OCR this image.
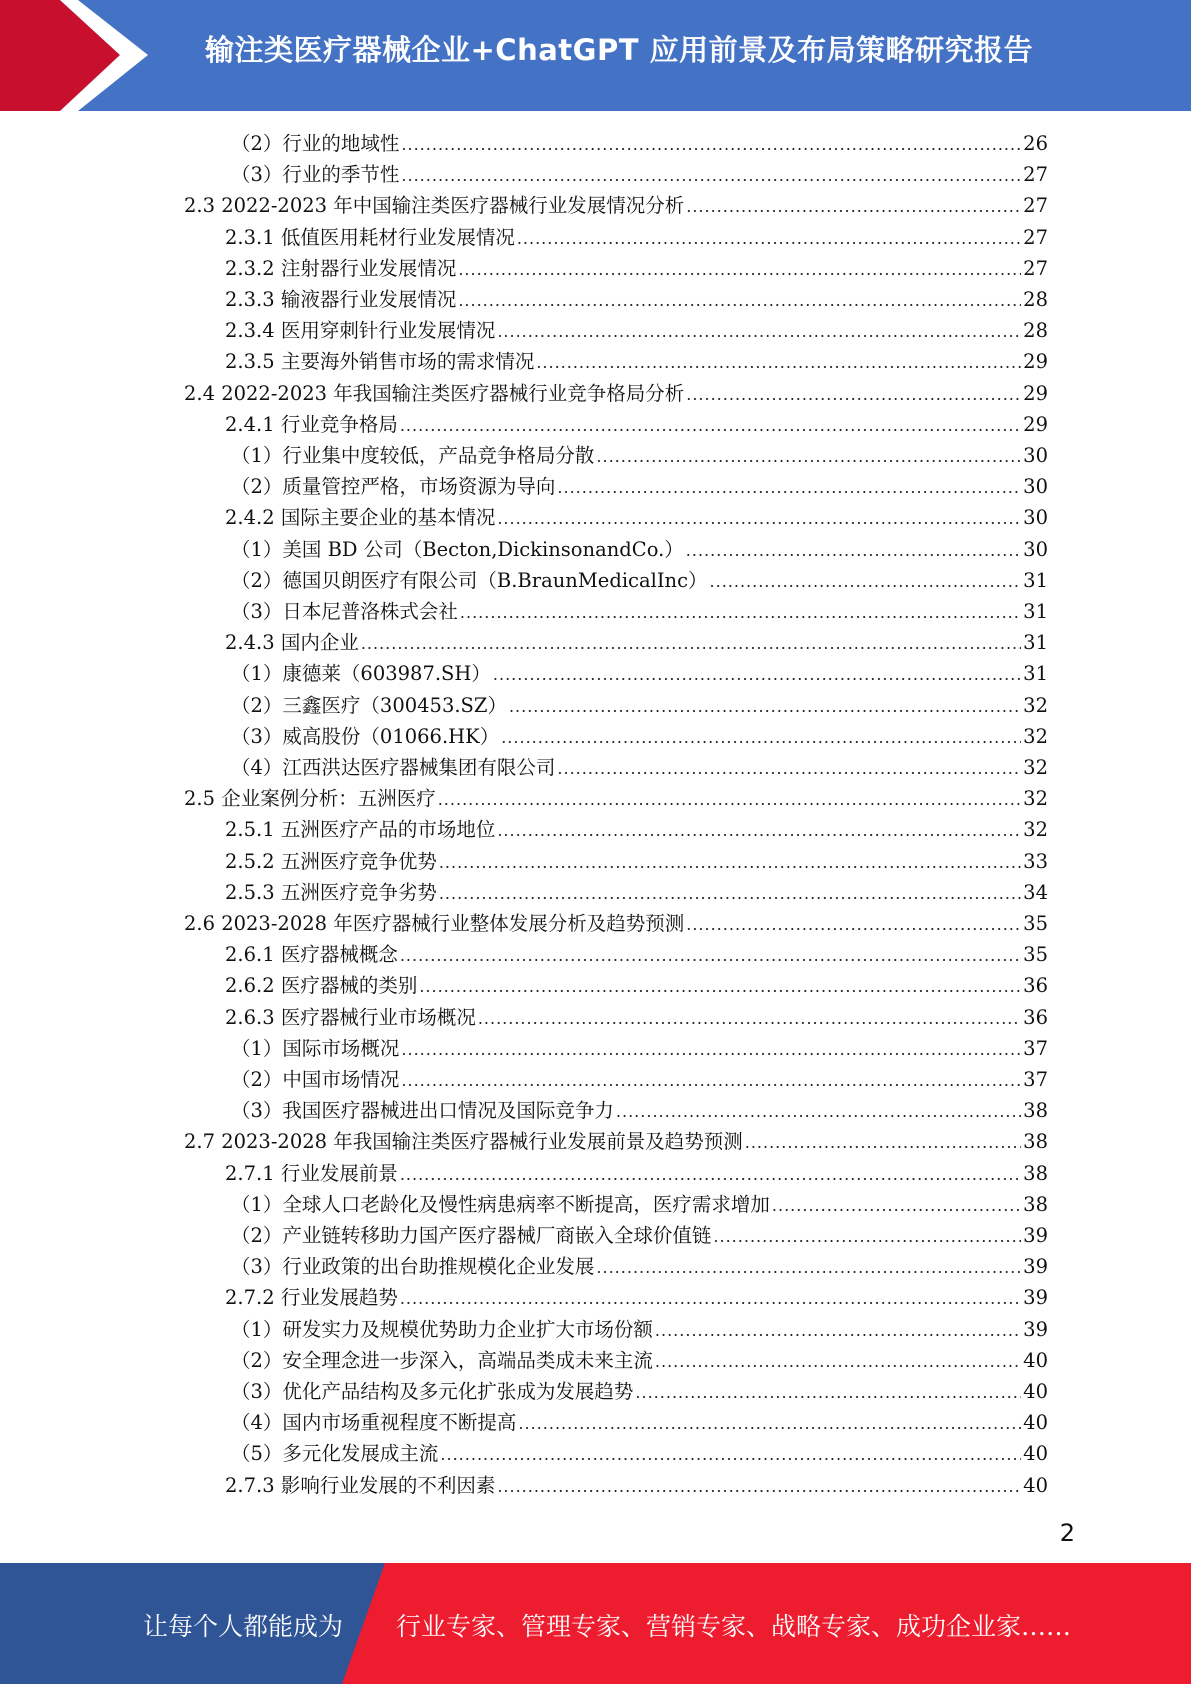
输注类医疗器械企业+ChatGPT 应用前景及布局策略研究报告
（2）行业的地域性 .....	26
（3）行业的季节性 .....	27
2.3 2022-2023 年中国输注类医疗器械行业发展情况分析 .....	27
2.3.1 低值医用耗材行业发展情况 .....	27
2.3.2 注射器行业发展情况 .....	27
2.3.3 输液器行业发展情况 .....	28
2.3.4 医用穿刺针行业发展情况 .....	28
2.3.5 主要海外销售市场的需求情况 .....	29
2.4 2022-2023 年我国输注类医疗器械行业竞争格局分析 .....	29
2.4.1 行业竞争格局 .....	29
（1）行业集中度较低，产品竞争格局分散 .....	30
（2）质量管控严格，市场资源为导向 .....	30
2.4.2 国际主要企业的基本情况 .....	30
（1）美国 BD 公司（Becton,DickinsonandCo.） .....	30
（2）德国贝朗医疗有限公司（B.BraunMedicalInc） .....	31
（3）日本尼普洛株式会社 .....	31
2.4.3 国内企业 .....	31
（1）康德莱（603987.SH） .....	31
（2）三鑫医疗（300453.SZ） .....	32
（3）威高股份（01066.HK） .....	32
（4）江西洪达医疗器械集团有限公司 .....	32
2.5 企业案例分析：五洲医疗 .....	32
2.5.1 五洲医疗产品的市场地位 .....	32
2.5.2 五洲医疗竞争优势 .....	33
2.5.3 五洲医疗竞争劣势 .....	34
2.6 2023-2028 年医疗器械行业整体发展分析及趋势预测 .....	35
2.6.1 医疗器械概念 .....	35
2.6.2 医疗器械的类别 .....	36
2.6.3 医疗器械行业市场概况 .....	36
（1）国际市场概况 .....	37
（2）中国市场情况 .....	37
（3）我国医疗器械进出口情况及国际竞争力 .....	38
2.7 2023-2028 年我国输注类医疗器械行业发展前景及趋势预测 .....	38
2.7.1 行业发展前景 .....	38
（1）全球人口老龄化及慢性病患病率不断提高，医疗需求增加 .....	38
（2）产业链转移助力国产医疗器械厂商嵌入全球价值链 .....	39
（3）行业政策的出台助推规模化企业发展 .....	39
2.7.2 行业发展趋势 .....	39
（1）研发实力及规模优势助力企业扩大市场份额 .....	39
（2）安全理念进一步深入，高端品类成未来主流 .....	40
（3）优化产品结构及多元化扩张成为发展趋势 .....	40
（4）国内市场重视程度不断提高 .....	40
（5）多元化发展成主流 .....	40
2.7.3 影响行业发展的不利因素 .....	40
2
让每个人都能成为 行业专家、管理专家、营销专家、战略专家、成功企业家……
